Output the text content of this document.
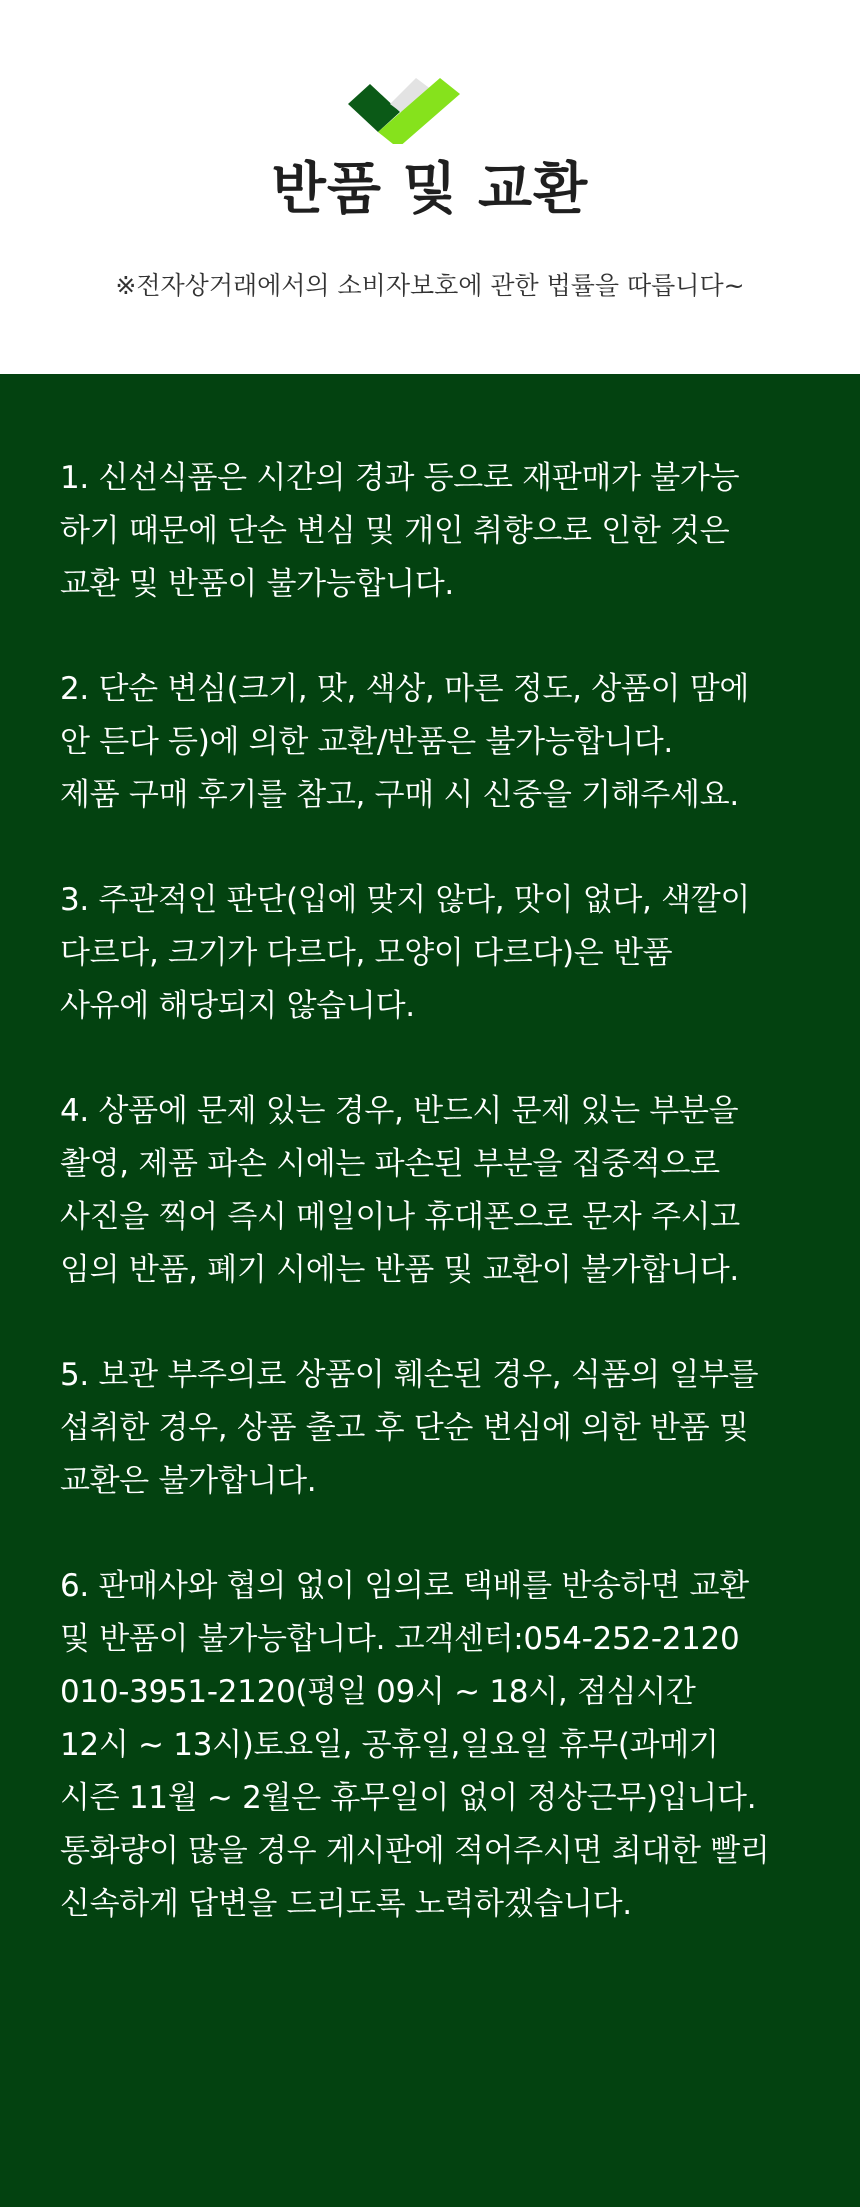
반품 및 교환
※전자상거래에서의 소비자보호에 관한 법률을 따릅니다~
1. 신선식품은 시간의 경과 등으로 재판매가 불가능
하기 때문에 단순 변심 및 개인 취향으로 인한 것은
교환 및 반품이 불가능합니다.
2. 단순 변심(크기, 맛, 색상, 마른 정도, 상품이 맘에
안 든다 등)에 의한 교환/반품은 불가능합니다.
제품 구매 후기를 참고, 구매 시 신중을 기해주세요.
3. 주관적인 판단(입에 맞지 않다, 맛이 없다, 색깔이
다르다, 크기가 다르다, 모양이 다르다)은 반품
사유에 해당되지 않습니다.
4. 상품에 문제 있는 경우, 반드시 문제 있는 부분을
촬영, 제품 파손 시에는 파손된 부분을 집중적으로
사진을 찍어 즉시 메일이나 휴대폰으로 문자 주시고
임의 반품, 폐기 시에는 반품 및 교환이 불가합니다.
5. 보관 부주의로 상품이 훼손된 경우, 식품의 일부를
섭취한 경우, 상품 출고 후 단순 변심에 의한 반품 및
교환은 불가합니다.
6. 판매사와 협의 없이 임의로 택배를 반송하면 교환
및 반품이 불가능합니다. 고객센터:054-252-2120
010-3951-2120(평일 09시 ~ 18시, 점심시간
12시 ~ 13시)토요일, 공휴일,일요일 휴무(과메기
시즌 11월 ~ 2월은 휴무일이 없이 정상근무)입니다.
통화량이 많을 경우 게시판에 적어주시면 최대한 빨리
신속하게 답변을 드리도록 노력하겠습니다.
